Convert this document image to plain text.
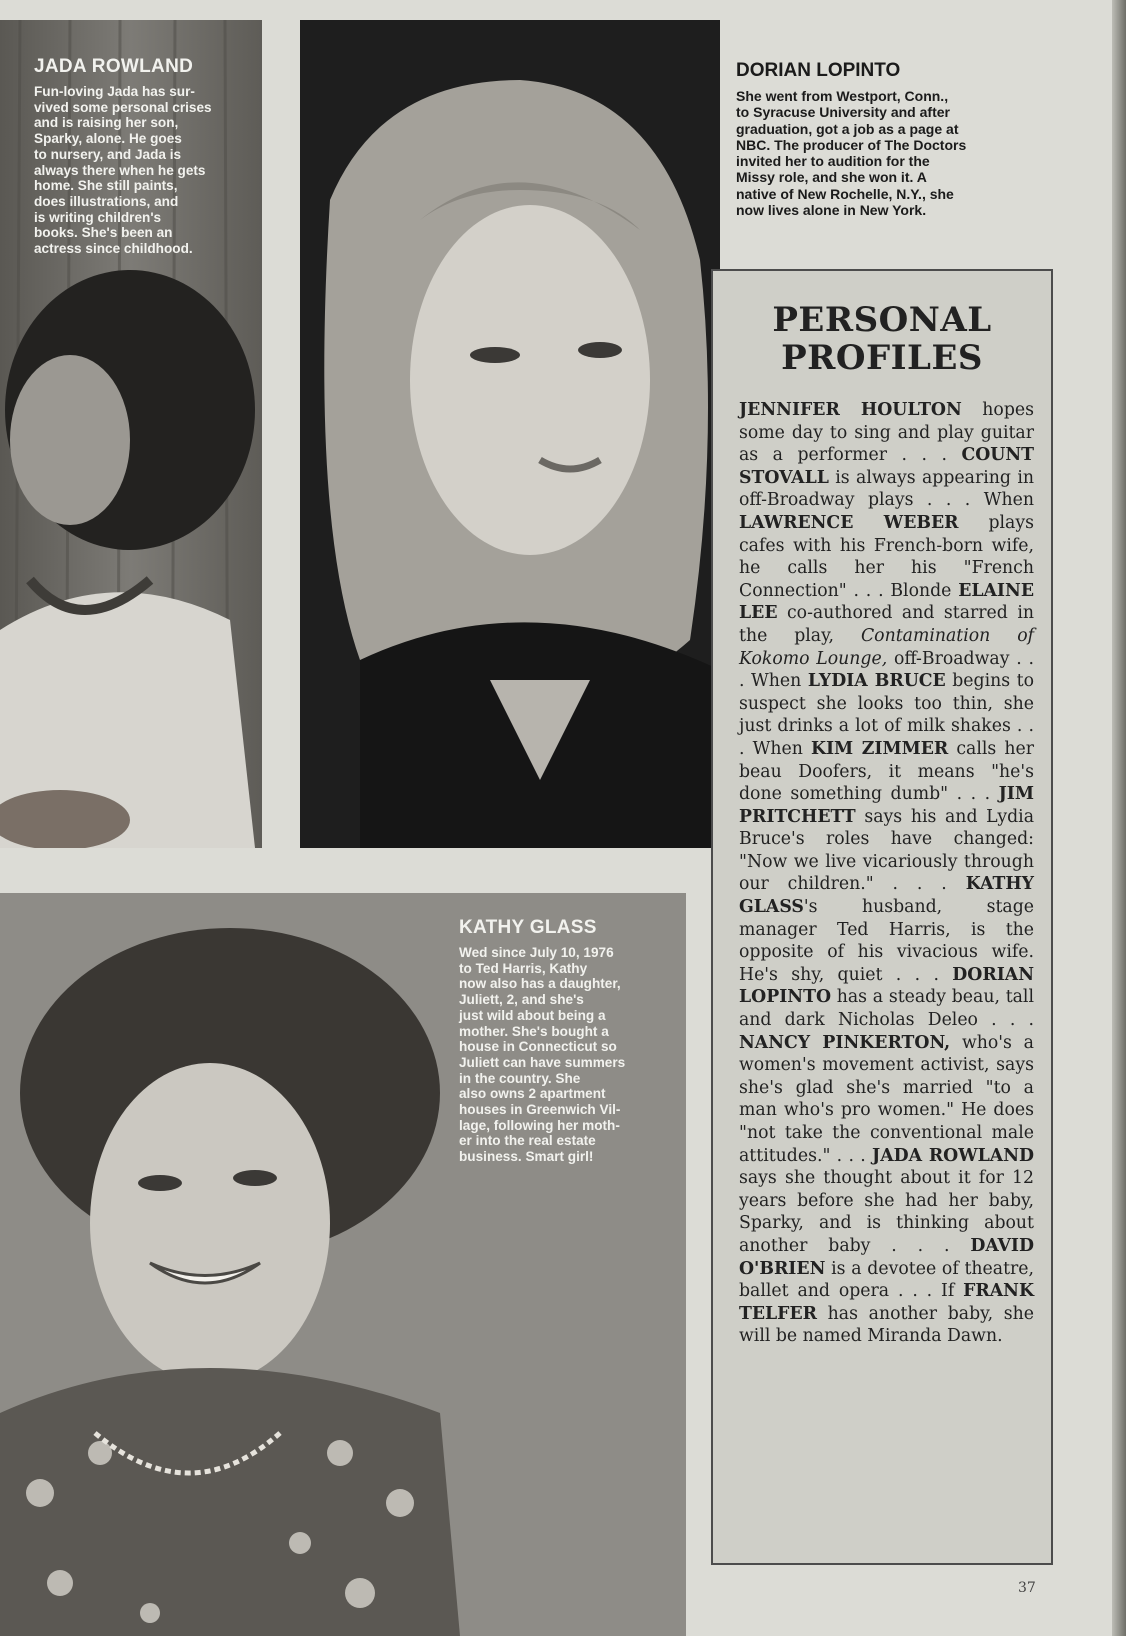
JADA ROWLAND
Fun-loving Jada has sur-
vived some personal crises
and is raising her son,
Sparky, alone. He goes
to nursery, and Jada is
always there when he gets
home. She still paints,
does illustrations, and
is writing children's
books. She's been an
actress since childhood.
DORIAN LOPINTO
She went from Westport, Conn.,
to Syracuse University and after
graduation, got a job as a page at
NBC. The producer of The Doctors
invited her to audition for the
Missy role, and she won it. A
native of New Rochelle, N.Y., she
now lives alone in New York.
KATHY GLASS
Wed since July 10, 1976
to Ted Harris, Kathy
now also has a daughter,
Juliett, 2, and she's
just wild about being a
mother. She's bought a
house in Connecticut so
Juliett can have summers
in the country. She
also owns 2 apartment
houses in Greenwich Vil-
lage, following her moth-
er into the real estate
business. Smart girl!
PERSONAL
PROFILES
JENNIFER HOULTON hopes some day to sing and play guitar as a performer . . . COUNT STOVALL is always appearing in off-Broadway plays . . . When LAWRENCE WEBER plays cafes with his French-born wife, he calls her his "French Connection" . . . Blonde ELAINE LEE co-authored and starred in the play, Contamination of Kokomo Lounge, off-Broadway . . . When LYDIA BRUCE begins to suspect she looks too thin, she just drinks a lot of milk shakes . . . When KIM ZIMMER calls her beau Doofers, it means "he's done something dumb" . . . JIM PRITCHETT says his and Lydia Bruce's roles have changed: "Now we live vicariously through our children." . . . KATHY GLASS's husband, stage manager Ted Harris, is the opposite of his vivacious wife. He's shy, quiet . . . DORIAN LOPINTO has a steady beau, tall and dark Nicholas Deleo . . . NANCY PINKERTON, who's a women's movement activist, says she's glad she's married "to a man who's pro women." He does "not take the conventional male attitudes." . . . JADA ROWLAND says she thought about it for 12 years before she had her baby, Sparky, and is thinking about another baby . . . DAVID O'BRIEN is a devotee of theatre, ballet and opera . . . If FRANK TELFER has another baby, she will be named Miranda Dawn.
37
